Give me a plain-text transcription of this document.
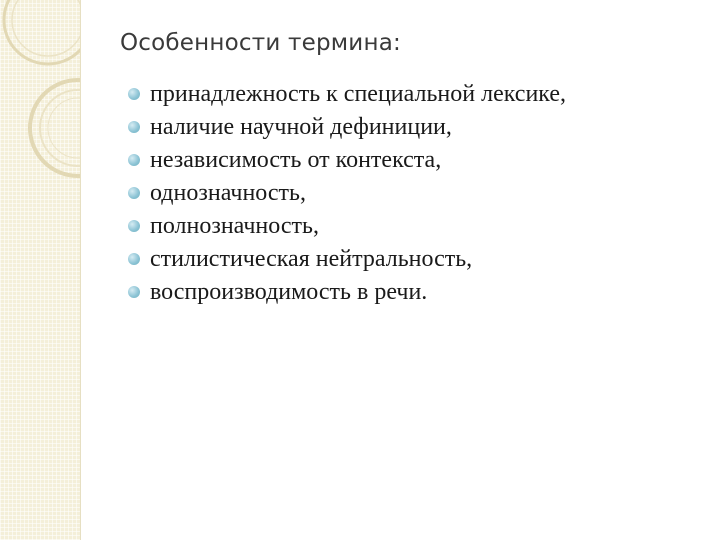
Особенности термина:
принадлежность к специальной лексике,
наличие научной дефиниции,
независимость от контекста,
однозначность,
полнозначность,
стилистическая нейтральность,
воспроизводимость в речи.
